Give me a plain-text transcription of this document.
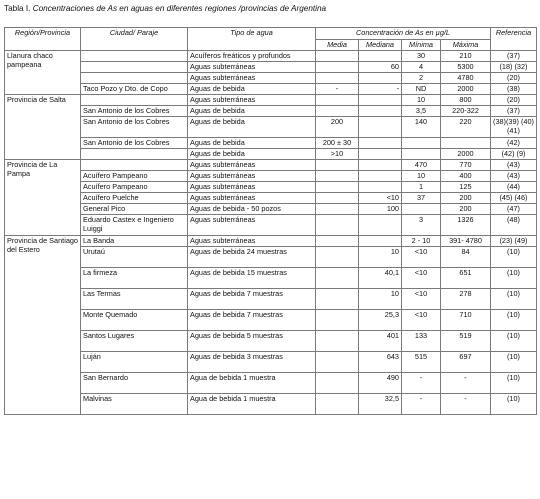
Tabla I. Concentraciones de As en aguas en diferentes regiones /provincias de Argentina
Región/Provincia	Ciudad/ Paraje	Tipo de agua	Concentración de As en µg/L				Referencia
			Media	Mediana	Mínima	Máxima	
Llanura chaco pampeana		Acuíferos freáticos y profundos			30	210	(37)
		Aguas subterráneas		60	4	5300	(18) (32)
		Aguas subterráneas			2	4780	(20)
	Taco Pozo y Dto. de Copo	Aguas de bebida	-	-	ND	2000	(38)
Provincia de Salta		Aguas subterráneas			10	800	(20)
	San Antonio de los Cobres	Aguas de bebida			3,5	220-322	(37)
	San Antonio de los Cobres	Aguas de bebida	200		140	220	(38)(39) (40) (41)
	San Antonio de los Cobres	Aguas de bebida	200 ± 30				(42)
		Aguas de bebida	>10			2000	(42) (9)
Provincia de La Pampa		Aguas subterráneas			470	770	(43)
	Acuífero Pampeano	Aguas subterráneas			10	400	(43)
	Acuífero Pampeano	Aguas subterráneas			1	125	(44)
	Acuífero Puelche	Aguas subterráneas		<10	37	200	(45) (46)
	General Pico	Aguas de bebida - 50 pozos		100		200	(47)
	Eduardo Castex e Ingeniero Luiggi	Aguas subterráneas			3	1326	(48)
Provincia de Santiago del Estero	La Banda	Aguas subterráneas			2 - 10	391- 4780	(23) (49)
	Urutaú	Aguas de bebida 24 muestras		10	<10	84	(10)
	La firmeza	Aguas de bebida 15 muestras		40,1	<10	651	(10)
	Las Termas	Aguas de bebida 7 muestras		10	<10	278	(10)
	Monte Quemado	Aguas de bebida 7 muestras		25,3	<10	710	(10)
	Santos Lugares	Aguas de bebida 5 muestras		401	133	519	(10)
	Luján	Aguas de bebida 3 muestras		643	515	697	(10)
	San Bernardo	Agua de bebida 1 muestra		490	-	-	(10)
	Malvinas	Agua de bebida 1 muestra		32,5	-	-	(10)
